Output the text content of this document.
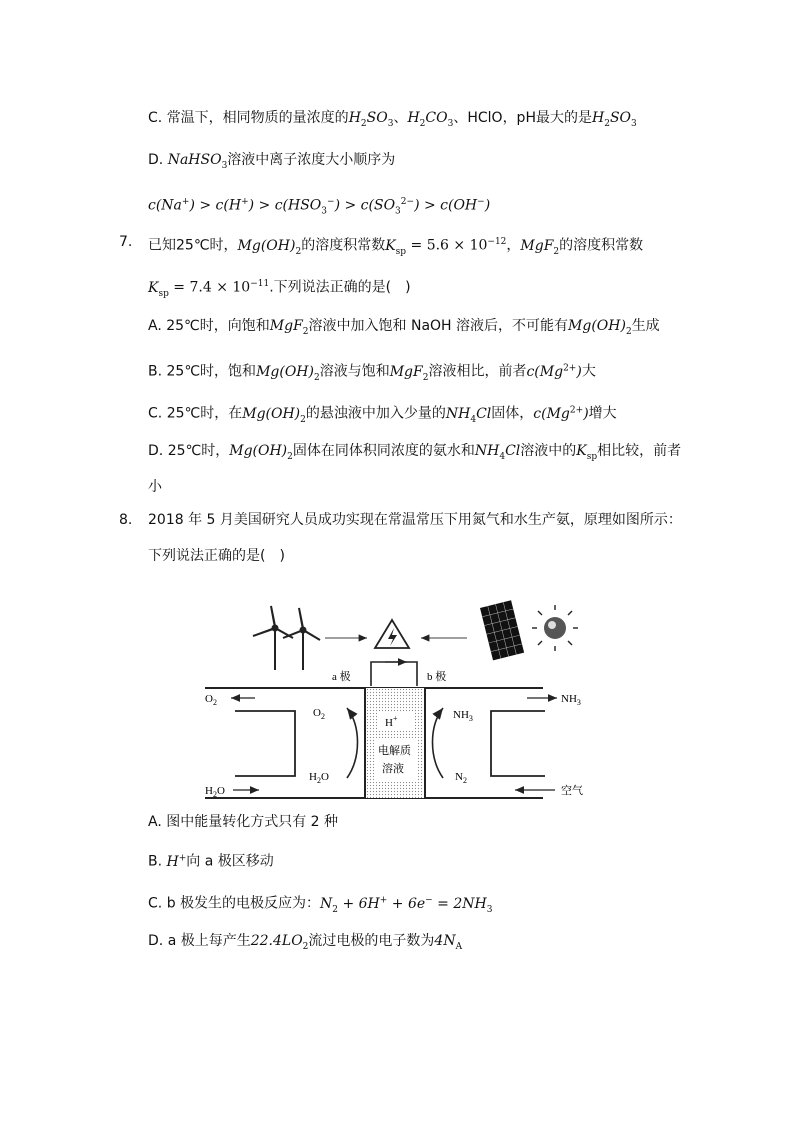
C. 常温下，相同物质的量浓度的$H_2SO_3$、$H_2CO_3$、HClO，pH最大的是$H_2SO_3$
D. NaHSO$_3$溶液中离子浓度大小顺序为
$c(Na^+) > c(H^+) > c(HSO_3^-) > c(SO_3^{2-}) > c(OH^-)$
7. 已知25℃时，$Mg(OH)_2$的溶度积常数$K_{sp} = 5.6 \times 10^{-12}$，MgF$_2$的溶度积常数
$K_{sp} = 7.4 \times 10^{-11}$.下列说法正确的是(　)
A. 25℃时，向饱和MgF$_2$溶液中加入饱和 NaOH 溶液后，不可能有$Mg(OH)_2$生成
B. 25℃时，饱和$Mg(OH)_2$溶液与饱和MgF$_2$溶液相比，前者$c(Mg^{2+})$大
C. 25℃时，在$Mg(OH)_2$的悬浊液中加入少量的$NH_4Cl$固体，$c(Mg^{2+})$增大
D. 25℃时，$Mg(OH)_2$固体在同体积同浓度的氨水和$NH_4Cl$溶液中的$K_{sp}$相比较，前者
小
8. 2018 年 5 月美国研究人员成功实现在常温常压下用氮气和水生产氨，原理如图所示：
下列说法正确的是(　)
a 极	b 极
H+
电解质
溶液
$O_2$
$H_2O$
$O_2$
$H_2O$
$NH_3$
$N_2$
$NH_3$
空气
A. 图中能量转化方式只有 2 种
B. H+向 a 极区移动
C. b 极发生的电极反应为：$N_2 + 6H^+ + 6e^- = 2NH_3$
D. a 极上每产生$22.4LO_2$流过电极的电子数为$4N_A$
